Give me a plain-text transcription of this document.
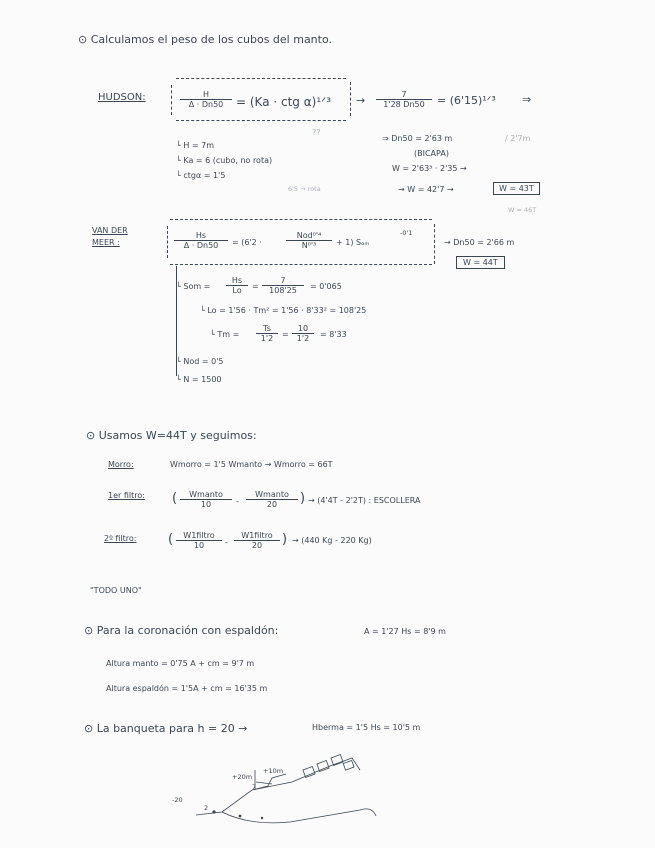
⊙ Calculamos el peso de los cubos del manto.
HUDSON:	$\frac{H}{\Delta \cdot Dn50} = (Ka$ · ctg α)¹ᐟ³ → $\frac{7}{1'28 Dn50}$ = (6'15)¹ᐟ³ ⇒
└ H = 7m
└ Ka = 6 (cubo, no rota)
└ ctgα = 1'5
??
6'5 → rota
⇒ Dn50 = 2'63 m	/ 2'7m
(BICAPA)
W = 2'63³ · 2'35 →
→ W = 42'7 →	W = 43T
W = 46T
VAN DER
MEER :	$\frac{Hs}{\Delta \cdot Dn50} = (6'2$ ·
Nod⁰'⁴
N⁰'³	+ 1) Sₒₘ
-0'1
→ Dn50 = 2'66 m
W = 44T
└ Som = $\frac{Hs}{Lo} = \frac{7}{108'25} = 0'065$
└ Lo = 1'56 · Tm² = 1'56 · 8'33² = 108'25
└ $Tm = \frac{Ts}{1'2} = \frac{10}{1'2} = 8'33$
└ Nod = 0'5
└ N = 1500
⊙ Usamos W=44T y seguimos:
Morro:	Wmorro = 1'5 Wmanto → Wmorro = 66T
1er filtro: (	Wmanto
10	-
Wmanto
20	) → (4'4T - 2'2T) : ESCOLLERA
2º filtro: (	W1filtro
10	-
W1filtro
20	) → (440 Kg - 220 Kg)
"TODO UNO"
⊙ Para la coronación con espaldón:	A = 1'27 Hs = 8'9 m
Altura manto = 0'75 A + cm = 9'7 m
Altura espaldón = 1'5A + cm = 16'35 m
⊙ La banqueta para h = 20 →	Hberma = 1'5 Hs = 10'5 m
+10m
+20m
7
-20
2
